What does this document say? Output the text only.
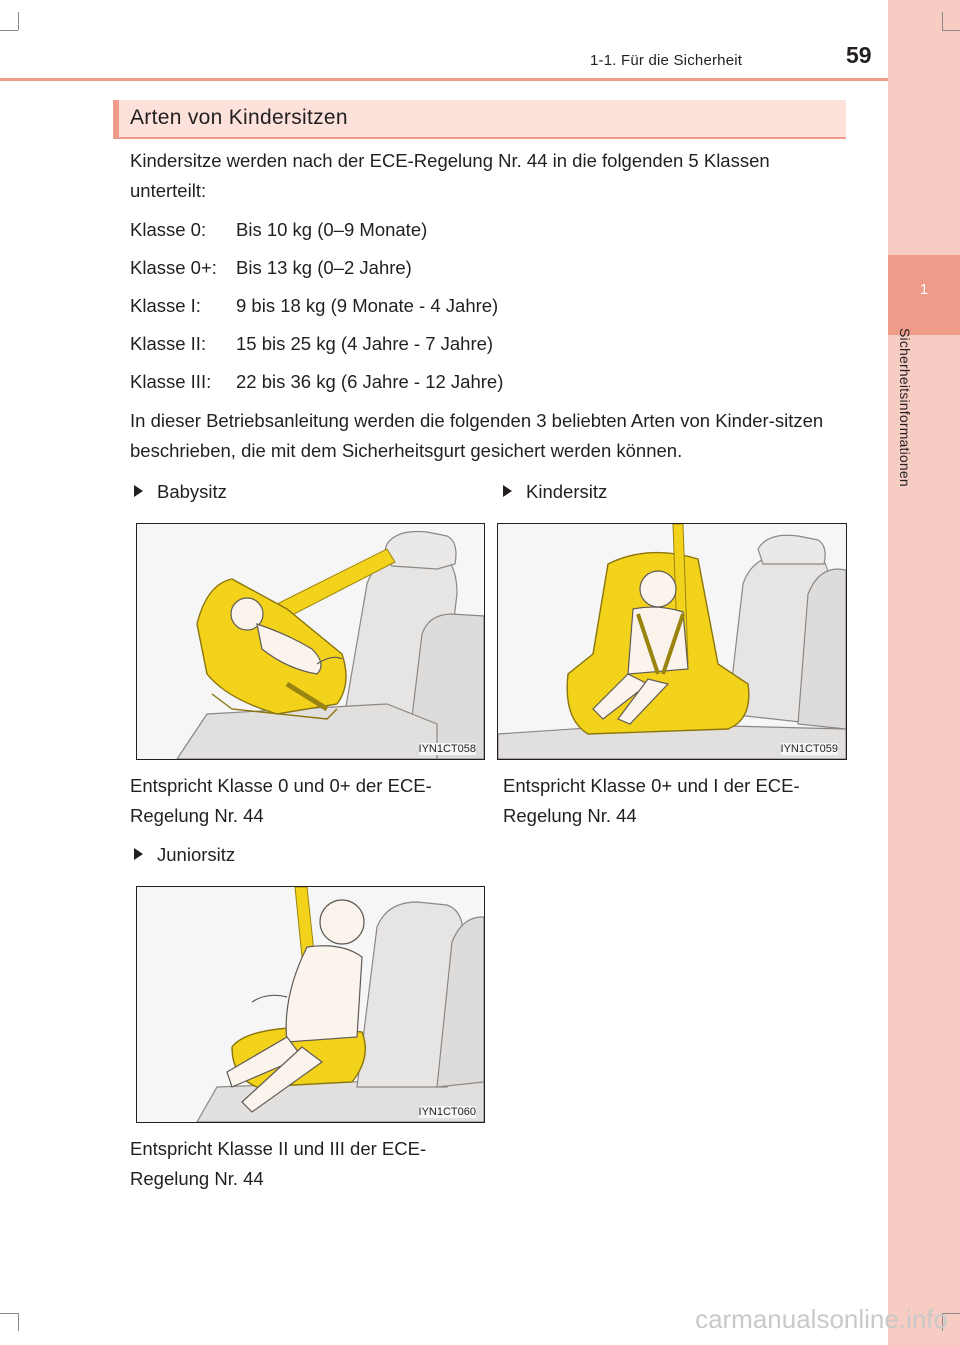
1-1. Für die Sicherheit	59
1
Sicherheitsinformationen
Arten von Kindersitzen
Kindersitze werden nach der ECE-Regelung Nr. 44 in die folgenden 5 Klassen unterteilt:
Klasse 0: Bis 10 kg (0–9 Monate)
Klasse 0+: Bis 13 kg (0–2 Jahre)
Klasse I: 9 bis 18 kg (9 Monate - 4 Jahre)
Klasse II: 15 bis 25 kg (4 Jahre - 7 Jahre)
Klasse III: 22 bis 36 kg (6 Jahre - 12 Jahre)
In dieser Betriebsanleitung werden die folgenden 3 beliebten Arten von Kinder-sitzen beschrieben, die mit dem Sicherheitsgurt gesichert werden können.
Babysitz
IYN1CT058
Entspricht Klasse 0 und 0+ der ECE-
Regelung Nr. 44
Kindersitz
IYN1CT059
Entspricht Klasse 0+ und I der ECE-
Regelung Nr. 44
Juniorsitz
IYN1CT060
Entspricht Klasse II und III der ECE-
Regelung Nr. 44
carmanualsonline.info
